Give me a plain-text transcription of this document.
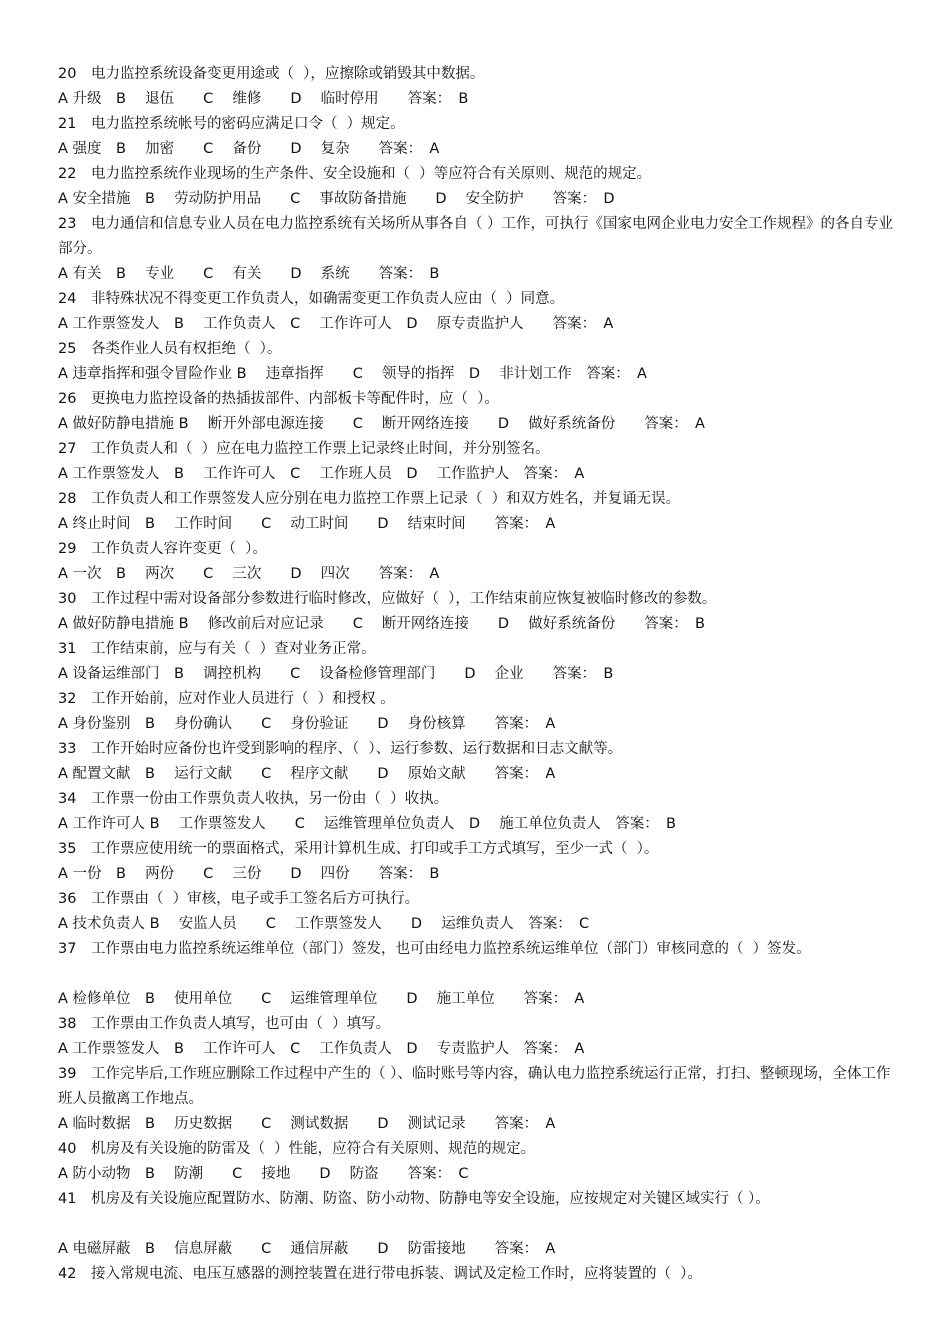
20　电力监控系统设备变更用途或（  ），应擦除或销毁其中数据。
A 升级　B　 退伍　　C　 维修　　D　 临时停用　　答案：　B
21　电力监控系统帐号的密码应满足口令（  ）规定。
A 强度　B　 加密　　C　 备份　　D　 复杂　　答案：　A
22　电力监控系统作业现场的生产条件、安全设施和（  ）等应符合有关原则、规范的规定。
A 安全措施　B　 劳动防护用品　　C　 事故防备措施　　D　 安全防护　　答案：　D
23　电力通信和信息专业人员在电力监控系统有关场所从事各自（ ）工作，可执行《国家电网企业电力安全工作规程》的各自专业部分。
A 有关　B　 专业　　C　 有关　　D　 系统　　答案：　B
24　非特殊状况不得变更工作负责人，如确需变更工作负责人应由（  ）同意。
A 工作票签发人　B　 工作负责人　C　 工作许可人　D　 原专责监护人　　答案：　A
25　各类作业人员有权拒绝（  ）。
A 违章指挥和强令冒险作业 B　 违章指挥　　C　 领导的指挥　D　 非计划工作　答案：　A
26　更换电力监控设备的热插拔部件、内部板卡等配件时，应（  ）。
A 做好防静电措施 B　 断开外部电源连接　　C　 断开网络连接　　D　 做好系统备份　　答案：　A
27　工作负责人和（  ）应在电力监控工作票上记录终止时间，并分别签名。
A 工作票签发人　B　 工作许可人　C　 工作班人员　D　 工作监护人　答案：　A
28　工作负责人和工作票签发人应分别在电力监控工作票上记录（  ）和双方姓名，并复诵无误。
A 终止时间　B　 工作时间　　C　 动工时间　　D　 结束时间　　答案：　A
29　工作负责人容许变更（  ）。
A 一次　B　 两次　　C　 三次　　D　 四次　　答案：　A
30　工作过程中需对设备部分参数进行临时修改，应做好（  ），工作结束前应恢复被临时修改的参数。
A 做好防静电措施 B　 修改前后对应记录　　C　 断开网络连接　　D　 做好系统备份　　答案：　B
31　工作结束前，应与有关（  ）查对业务正常。
A 设备运维部门　B　 调控机构　　C　 设备检修管理部门　　D　 企业　　答案：　B
32　工作开始前，应对作业人员进行（  ）和授权 。
A 身份鉴别　B　 身份确认　　C　 身份验证　　D　 身份核算　　答案：　A
33　工作开始时应备份也许受到影响的程序、（  ）、运行参数、运行数据和日志文献等。
A 配置文献　B　 运行文献　　C　 程序文献　　D　 原始文献　　答案：　A
34　工作票一份由工作票负责人收执，另一份由（  ）收执。
A 工作许可人 B　 工作票签发人　　C　 运维管理单位负责人　D　 施工单位负责人　答案：　B
35　工作票应使用统一的票面格式，采用计算机生成、打印或手工方式填写，至少一式（  ）。
A 一份　B　 两份　　C　 三份　　D　 四份　　答案：　B
36　工作票由（  ）审核，电子或手工签名后方可执行。
A 技术负责人 B　 安监人员　　C　 工作票签发人　　D　 运维负责人　答案：　C
37　工作票由电力监控系统运维单位（部门）签发，也可由经电力监控系统运维单位（部门）审核同意的（  ）签发。
A 检修单位　B　 使用单位　　C　 运维管理单位　　D　 施工单位　　答案：　A
38　工作票由工作负责人填写，也可由（  ）填写。
A 工作票签发人　B　 工作许可人　C　 工作负责人　D　 专责监护人　答案：　A
39　工作完毕后,工作班应删除工作过程中产生的（ ）、临时账号等内容，确认电力监控系统运行正常，打扫、整顿现场，全体工作班人员撤离工作地点。
A 临时数据　B　 历史数据　　C　 测试数据　　D　 测试记录　　答案：　A
40　机房及有关设施的防雷及（  ）性能，应符合有关原则、规范的规定。
A 防小动物　B　 防潮　　C　 接地　　D　 防盗　　答案：　C
41　机房及有关设施应配置防水、防潮、防盗、防小动物、防静电等安全设施，应按规定对关键区域实行（ ）。
A 电磁屏蔽　B　 信息屏蔽　　C　 通信屏蔽　　D　 防雷接地　　答案：　A
42　接入常规电流、电压互感器的测控装置在进行带电拆装、调试及定检工作时，应将装置的（  ）。
